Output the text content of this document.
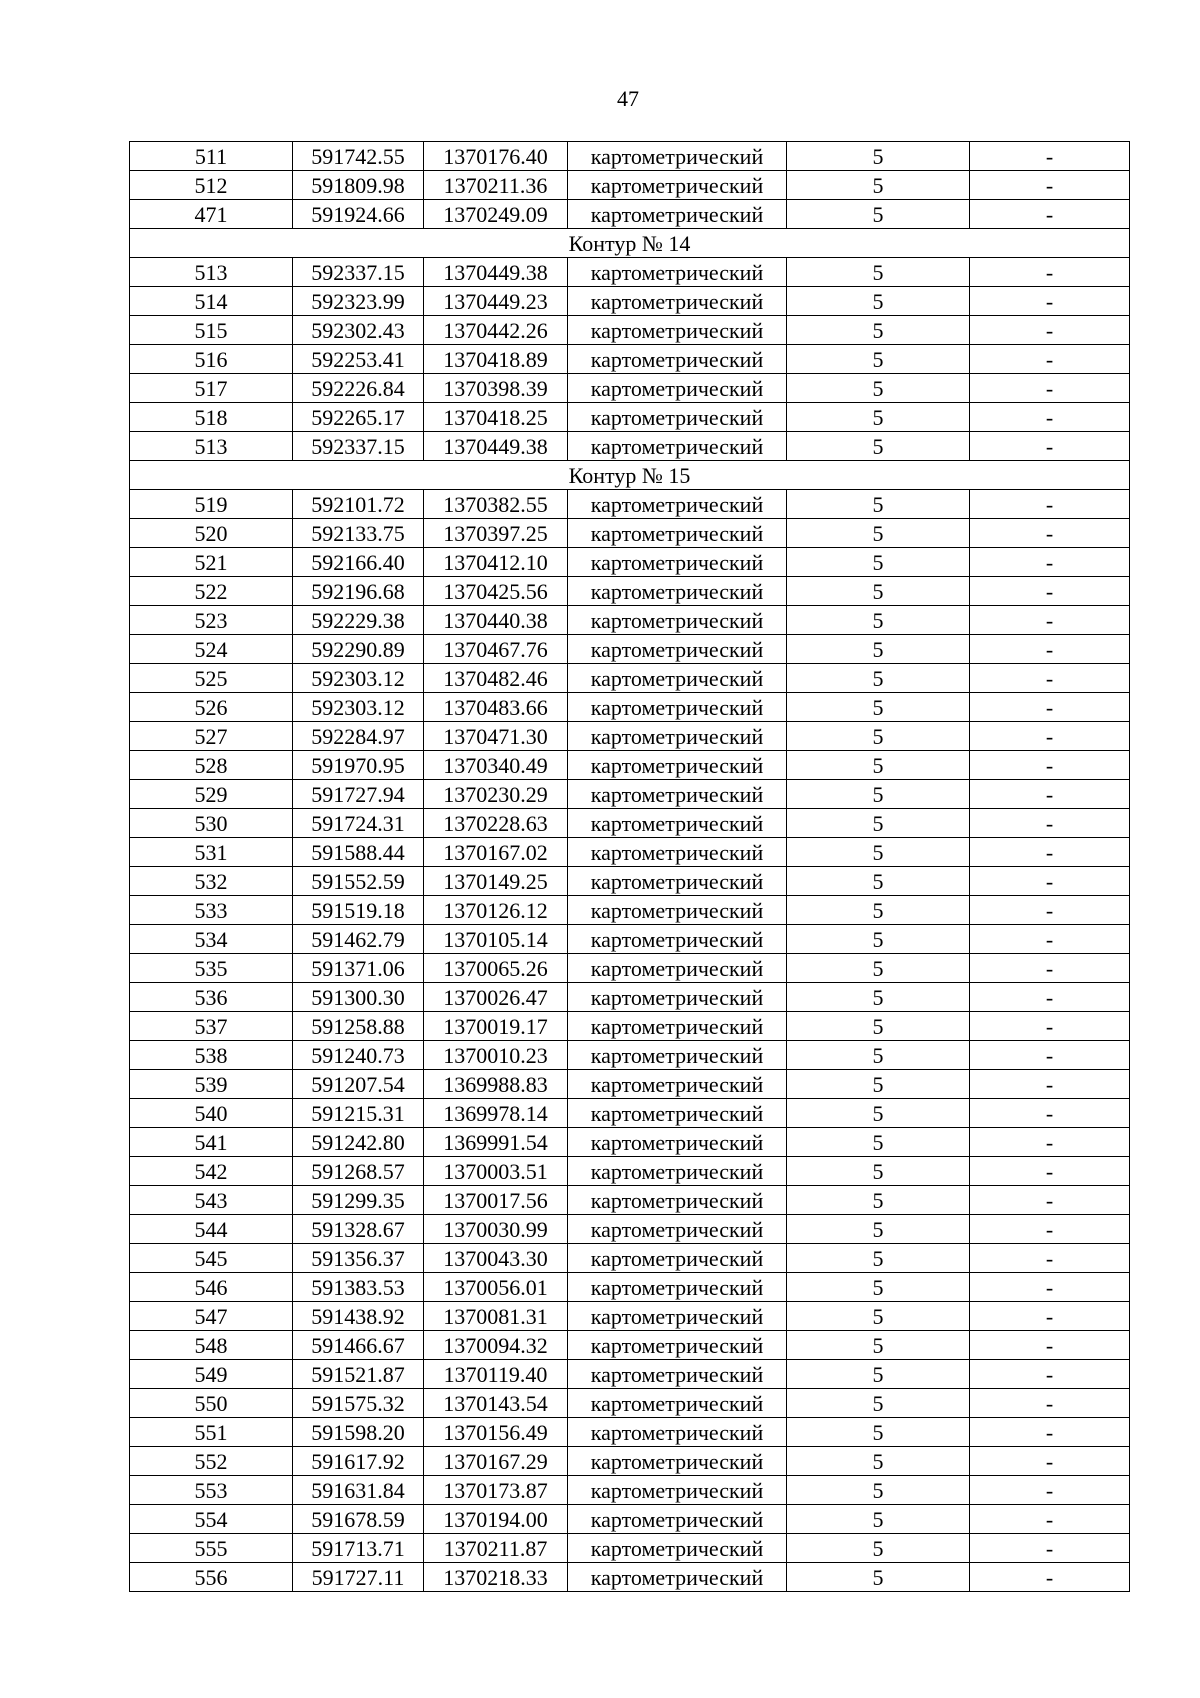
47
511	591742.55	1370176.40	картометрический	5	-
512	591809.98	1370211.36	картометрический	5	-
471	591924.66	1370249.09	картометрический	5	-
Контур № 14					
513	592337.15	1370449.38	картометрический	5	-
514	592323.99	1370449.23	картометрический	5	-
515	592302.43	1370442.26	картометрический	5	-
516	592253.41	1370418.89	картометрический	5	-
517	592226.84	1370398.39	картометрический	5	-
518	592265.17	1370418.25	картометрический	5	-
513	592337.15	1370449.38	картометрический	5	-
Контур № 15					
519	592101.72	1370382.55	картометрический	5	-
520	592133.75	1370397.25	картометрический	5	-
521	592166.40	1370412.10	картометрический	5	-
522	592196.68	1370425.56	картометрический	5	-
523	592229.38	1370440.38	картометрический	5	-
524	592290.89	1370467.76	картометрический	5	-
525	592303.12	1370482.46	картометрический	5	-
526	592303.12	1370483.66	картометрический	5	-
527	592284.97	1370471.30	картометрический	5	-
528	591970.95	1370340.49	картометрический	5	-
529	591727.94	1370230.29	картометрический	5	-
530	591724.31	1370228.63	картометрический	5	-
531	591588.44	1370167.02	картометрический	5	-
532	591552.59	1370149.25	картометрический	5	-
533	591519.18	1370126.12	картометрический	5	-
534	591462.79	1370105.14	картометрический	5	-
535	591371.06	1370065.26	картометрический	5	-
536	591300.30	1370026.47	картометрический	5	-
537	591258.88	1370019.17	картометрический	5	-
538	591240.73	1370010.23	картометрический	5	-
539	591207.54	1369988.83	картометрический	5	-
540	591215.31	1369978.14	картометрический	5	-
541	591242.80	1369991.54	картометрический	5	-
542	591268.57	1370003.51	картометрический	5	-
543	591299.35	1370017.56	картометрический	5	-
544	591328.67	1370030.99	картометрический	5	-
545	591356.37	1370043.30	картометрический	5	-
546	591383.53	1370056.01	картометрический	5	-
547	591438.92	1370081.31	картометрический	5	-
548	591466.67	1370094.32	картометрический	5	-
549	591521.87	1370119.40	картометрический	5	-
550	591575.32	1370143.54	картометрический	5	-
551	591598.20	1370156.49	картометрический	5	-
552	591617.92	1370167.29	картометрический	5	-
553	591631.84	1370173.87	картометрический	5	-
554	591678.59	1370194.00	картометрический	5	-
555	591713.71	1370211.87	картометрический	5	-
556	591727.11	1370218.33	картометрический	5	-
